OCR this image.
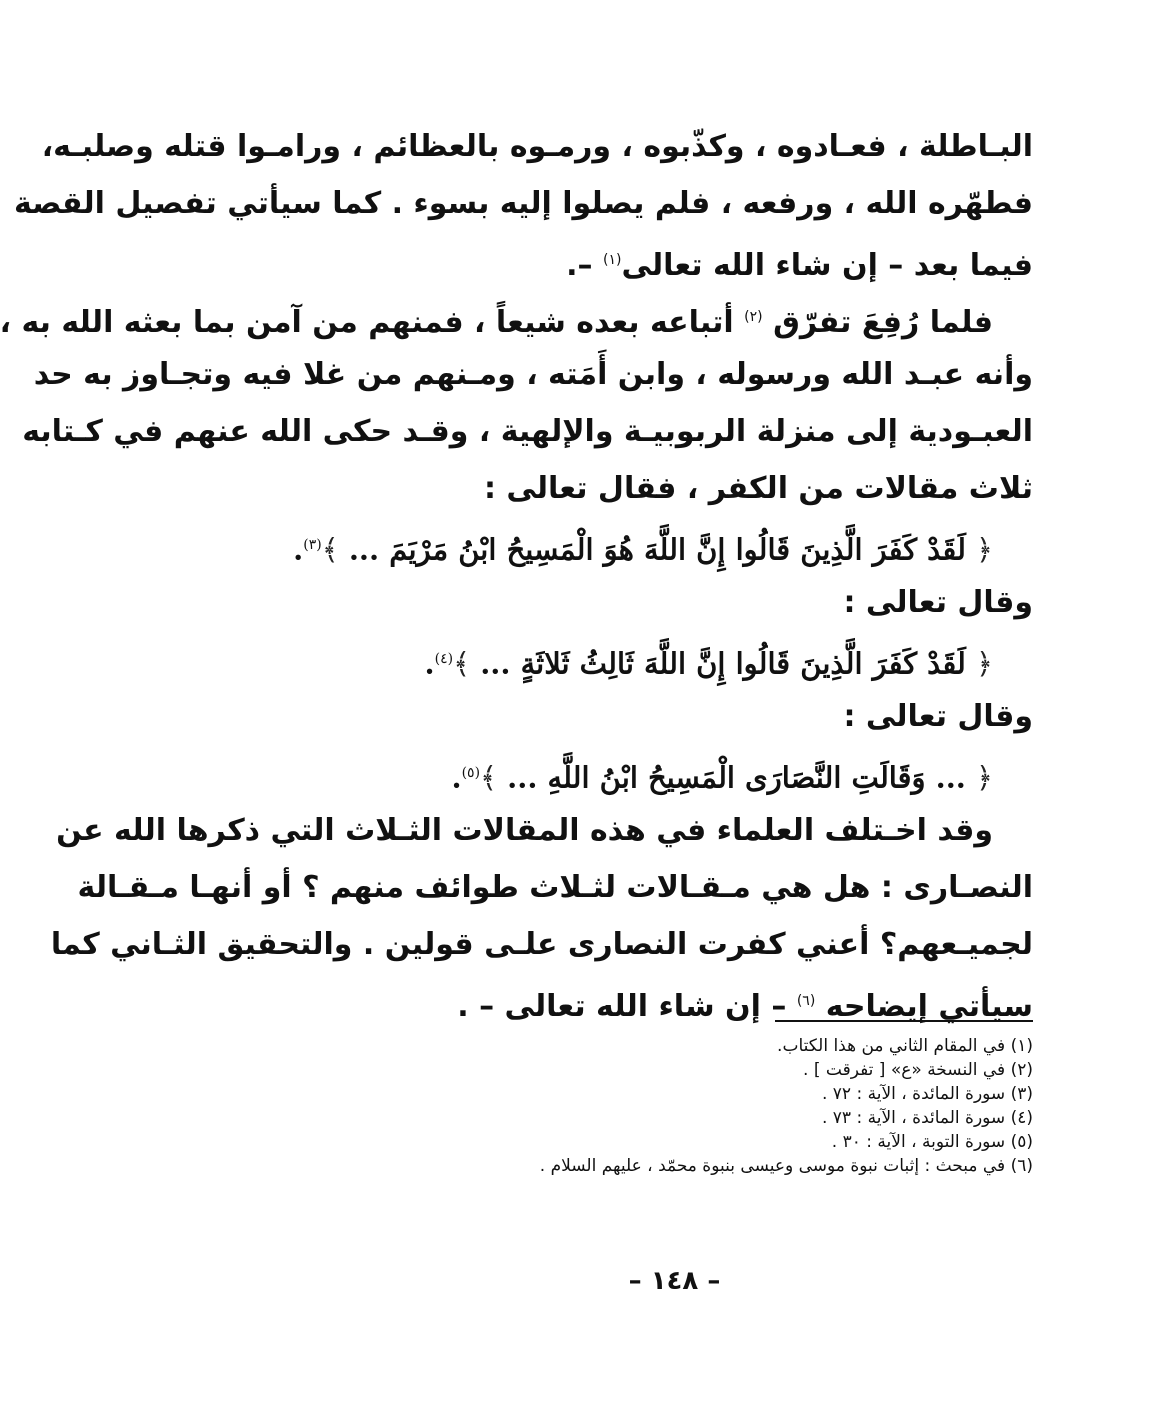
البـاطلة ، فعـادوه ، وكذّبوه ، ورمـوه بالعظائم ، ورامـوا قتله وصلبـه،
فطهّره الله ، ورفعه ، فلم يصلوا إليه بسوء . كما سيأتي تفصيل القصة
فيما بعد – إن شاء الله تعالى$^{(١)}$ –.
فلما رُفِعَ تفرّق $^{(٢)}$ أتباعه بعده شيعاً ، فمنهم من آمن بما بعثه الله به ،
وأنه عبـد الله ورسوله ، وابن أَمَته ، ومـنهم من غلا فيه وتجـاوز به حد
العبـودية إلى منزلة الربوبيـة والإلهية ، وقـد حكى الله عنهم في كـتابه
ثلاث مقالات من الكفر ، فقال تعالى :
﴿ لَقَدْ كَفَرَ الَّذِينَ قَالُوا إِنَّ اللَّهَ هُوَ الْمَسِيحُ ابْنُ مَرْيَمَ ... ﴾$^{(٣)}$.
وقال تعالى :
﴿ لَقَدْ كَفَرَ الَّذِينَ قَالُوا إِنَّ اللَّهَ ثَالِثُ ثَلاثَةٍ ... ﴾$^{(٤)}$.
وقال تعالى :
﴿ ... وَقَالَتِ النَّصَارَى الْمَسِيحُ ابْنُ اللَّهِ ... ﴾$^{(٥)}$.
وقد اخـتلف العلماء في هذه المقالات الثـلاث التي ذكرها الله عن
النصـارى : هل هي مـقـالات لثـلاث طوائف منهم ؟ أو أنهـا مـقـالة
لجميـعهم؟ أعني كفرت النصارى علـى قولين . والتحقيق الثـاني كما
سيأتي إيضاحه $^{(٦)}$ – إن شاء الله تعالى – .
(١) في المقام الثاني من هذا الكتاب.
(٢) في النسخة «ع» [ تفرقت ] .
(٣) سورة المائدة ، الآية : ٧٢ .
(٤) سورة المائدة ، الآية : ٧٣ .
(٥) سورة التوبة ، الآية : ٣٠ .
(٦) في مبحث : إثبات نبوة موسى وعيسى بنبوة محمّد ، عليهم السلام .
– ١٤٨ –
